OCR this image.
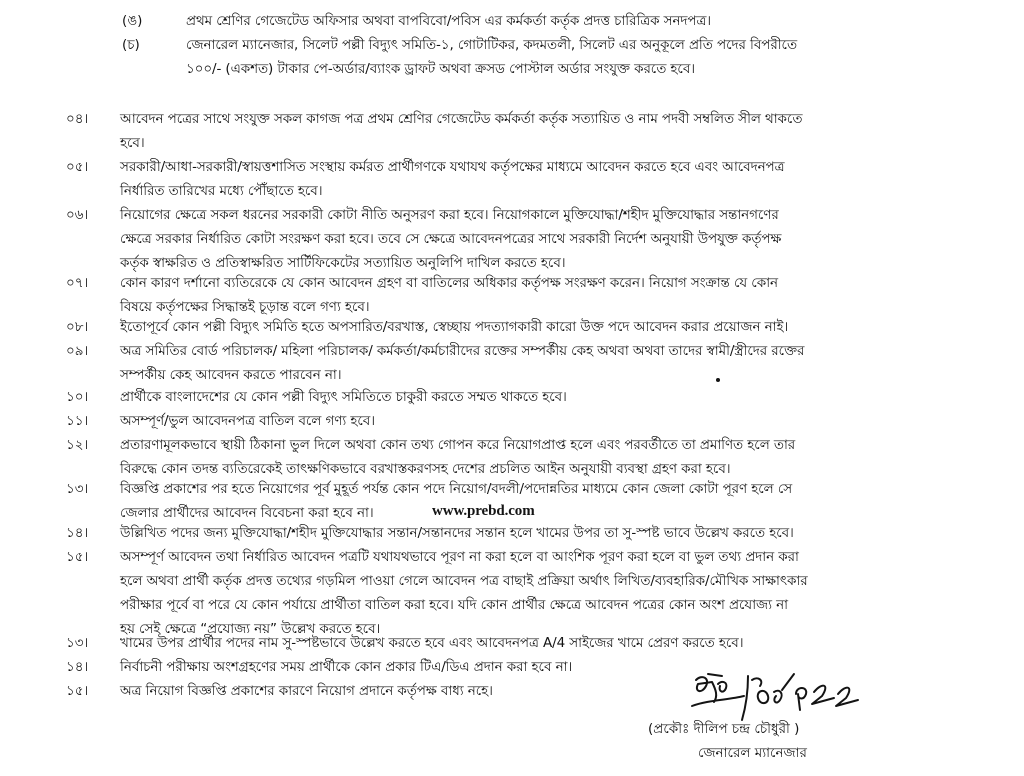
(ঙ)	প্রথম শ্রেণির গেজেটেড অফিসার অথবা বাপবিবো/পবিস এর কর্মকর্তা কর্তৃক প্রদত্ত চারিত্রিক সনদপত্র।
(চ)	জেনারেল ম্যানেজার, সিলেট পল্লী বিদ্যুৎ সমিতি-১, গোটাটিকর, কদমতলী, সিলেট এর অনুকূলে প্রতি পদের বিপরীতে
১০০/- (একশত) টাকার পে-অর্ডার/ব্যাংক ড্রাফট অথবা ক্রসড পোস্টাল অর্ডার সংযুক্ত করতে হবে।
০৪। আবেদন পত্রের সাথে সংযুক্ত সকল কাগজ পত্র প্রথম শ্রেণির গেজেটেড কর্মকর্তা কর্তৃক সত্যায়িত ও নাম পদবী সম্বলিত সীল থাকতে
হবে।
০৫। সরকারী/আধা-সরকারী/স্বায়ত্তশাসিত সংস্থায় কর্মরত প্রার্থীগণকে যথাযথ কর্তৃপক্ষের মাধ্যমে আবেদন করতে হবে এবং আবেদনপত্র
নির্ধারিত তারিখের মধ্যে পৌঁছাতে হবে।
০৬। নিয়োগের ক্ষেত্রে সকল ধরনের সরকারী কোটা নীতি অনুসরণ করা হবে। নিয়োগকালে মুক্তিযোদ্ধা/শহীদ মুক্তিযোদ্ধার সন্তানগণের
ক্ষেত্রে সরকার নির্ধারিত কোটা সংরক্ষণ করা হবে। তবে সে ক্ষেত্রে আবেদনপত্রের সাথে সরকারী নির্দেশ অনুযায়ী উপযুক্ত কর্তৃপক্ষ
কর্তৃক স্বাক্ষরিত ও প্রতিস্বাক্ষরিত সার্টিফিকেটের সত্যায়িত অনুলিপি দাখিল করতে হবে।
০৭। কোন কারণ দর্শানো ব্যতিরেকে যে কোন আবেদন গ্রহণ বা বাতিলের অধিকার কর্তৃপক্ষ সংরক্ষণ করেন। নিয়োগ সংক্রান্ত যে কোন
বিষয়ে কর্তৃপক্ষের সিদ্ধান্তই চূড়ান্ত বলে গণ্য হবে।
০৮। ইতোপূর্বে কোন পল্লী বিদ্যুৎ সমিতি হতে অপসারিত/বরখাস্ত, স্বেচ্ছায় পদত্যাগকারী কারো উক্ত পদে আবেদন করার প্রয়োজন নাই।
০৯। অত্র সমিতির বোর্ড পরিচালক/ মহিলা পরিচালক/ কর্মকর্তা/কর্মচারীদের রক্তের সম্পর্কীয় কেহ অথবা অথবা তাদের স্বামী/স্ত্রীদের রক্তের
সম্পর্কীয় কেহ আবেদন করতে পারবেন না।
১০। প্রার্থীকে বাংলাদেশের যে কোন পল্লী বিদ্যুৎ সমিতিতে চাকুরী করতে সম্মত থাকতে হবে।
১১। অসম্পূর্ণ/ভুল আবেদনপত্র বাতিল বলে গণ্য হবে।
১২। প্রতারণামূলকভাবে স্থায়ী ঠিকানা ভুল দিলে অথবা কোন তথ্য গোপন করে নিয়োগপ্রাপ্ত হলে এবং পরবর্তীতে তা প্রমাণিত হলে তার
বিরুদ্ধে কোন তদন্ত ব্যতিরেকেই তাৎক্ষণিকভাবে বরখাস্তকরণসহ দেশের প্রচলিত আইন অনুযায়ী ব্যবস্থা গ্রহণ করা হবে।
১৩। বিজ্ঞপ্তি প্রকাশের পর হতে নিয়োগের পূর্ব মুহূর্ত পর্যন্ত কোন পদে নিয়োগ/বদলী/পদোন্নতির মাধ্যমে কোন জেলা কোটা পূরণ হলে সে
জেলার প্রার্থীদের আবেদন বিবেচনা করা হবে না।	www.prebd.com
১৪। উল্লিখিত পদের জন্য মুক্তিযোদ্ধা/শহীদ মুক্তিযোদ্ধার সন্তান/সন্তানদের সন্তান হলে খামের উপর তা সু-স্পষ্ট ভাবে উল্লেখ করতে হবে।
১৫। অসম্পূর্ণ আবেদন তথা নির্ধারিত আবেদন পত্রটি যথাযথভাবে পূরণ না করা হলে বা আংশিক পূরণ করা হলে বা ভুল তথ্য প্রদান করা
হলে অথবা প্রার্থী কর্তৃক প্রদত্ত তথ্যের গড়মিল পাওয়া গেলে আবেদন পত্র বাছাই প্রক্রিয়া অর্থাৎ লিখিত/ব্যবহারিক/মৌখিক সাক্ষাৎকার
পরীক্ষার পূর্বে বা পরে যে কোন পর্যায়ে প্রার্থীতা বাতিল করা হবে। যদি কোন প্রার্থীর ক্ষেত্রে আবেদন পত্রের কোন অংশ প্রযোজ্য না
হয় সেই ক্ষেত্রে “প্রযোজ্য নয়” উল্লেখ করতে হবে।
১৩। খামের উপর প্রার্থীর পদের নাম সু-স্পষ্টভাবে উল্লেখ করতে হবে এবং আবেদনপত্র A/4 সাইজের খামে প্রেরণ করতে হবে।
১৪। নির্বাচনী পরীক্ষায় অংশগ্রহণের সময় প্রার্থীকে কোন প্রকার টিএ/ডিএ প্রদান করা হবে না।
১৫। অত্র নিয়োগ বিজ্ঞপ্তি প্রকাশের কারণে নিয়োগ প্রদানে কর্তৃপক্ষ বাধ্য নহে।
(প্রকৌঃ দীলিপ চন্দ্র চৌধুরী )
জেনারেল ম্যানেজার
